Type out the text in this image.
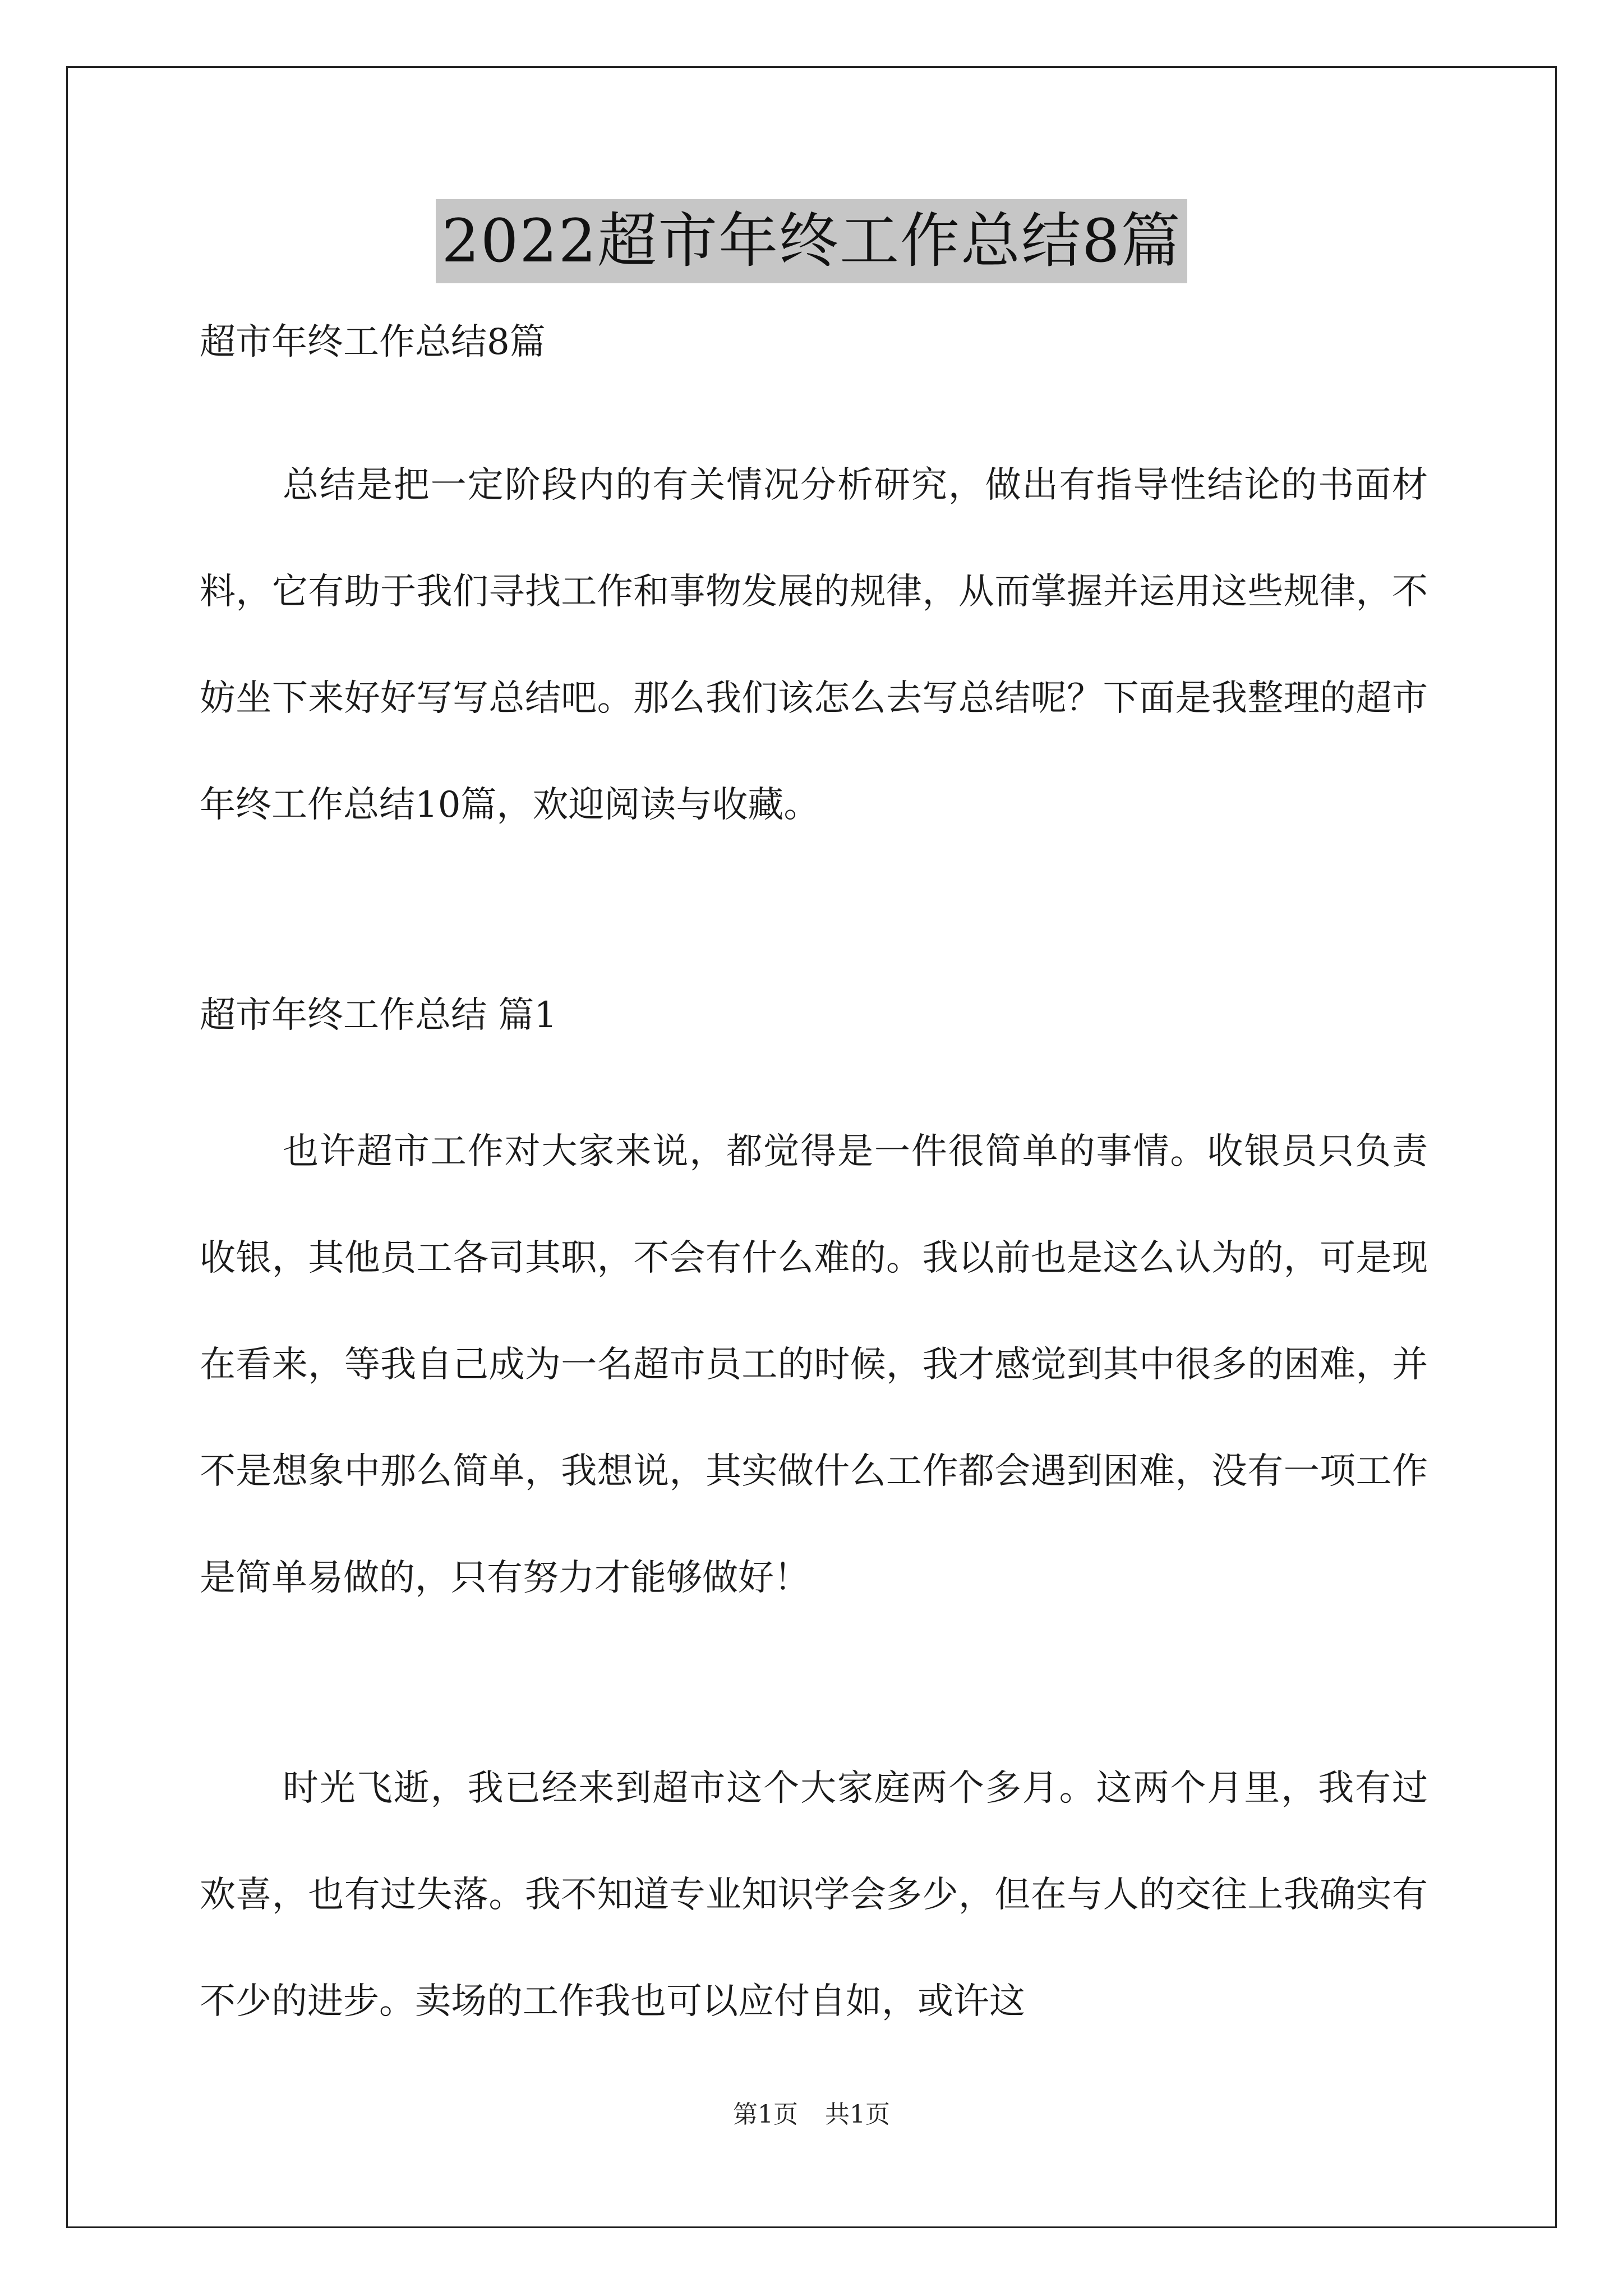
2022超市年终工作总结8篇

超市年终工作总结8篇

总结是把一定阶段内的有关情况分析研究，做出有指导性结论的书面材料，它有助于我们寻找工作和事物发展的规律，从而掌握并运用这些规律，不妨坐下来好好写写总结吧。那么我们该怎么去写总结呢？下面是我整理的超市年终工作总结10篇，欢迎阅读与收藏。

超市年终工作总结 篇1

也许超市工作对大家来说，都觉得是一件很简单的事情。收银员只负责收银，其他员工各司其职，不会有什么难的。我以前也是这么认为的，可是现在看来，等我自己成为一名超市员工的时候，我才感觉到其中很多的困难，并不是想象中那么简单，我想说，其实做什么工作都会遇到困难，没有一项工作是简单易做的，只有努力才能够做好！

时光飞逝，我已经来到超市这个大家庭两个多月。这两个月里，我有过欢喜，也有过失落。我不知道专业知识学会多少，但在与人的交往上我确实有不少的进步。卖场的工作我也可以应付自如，或许这

第1页 共1页
